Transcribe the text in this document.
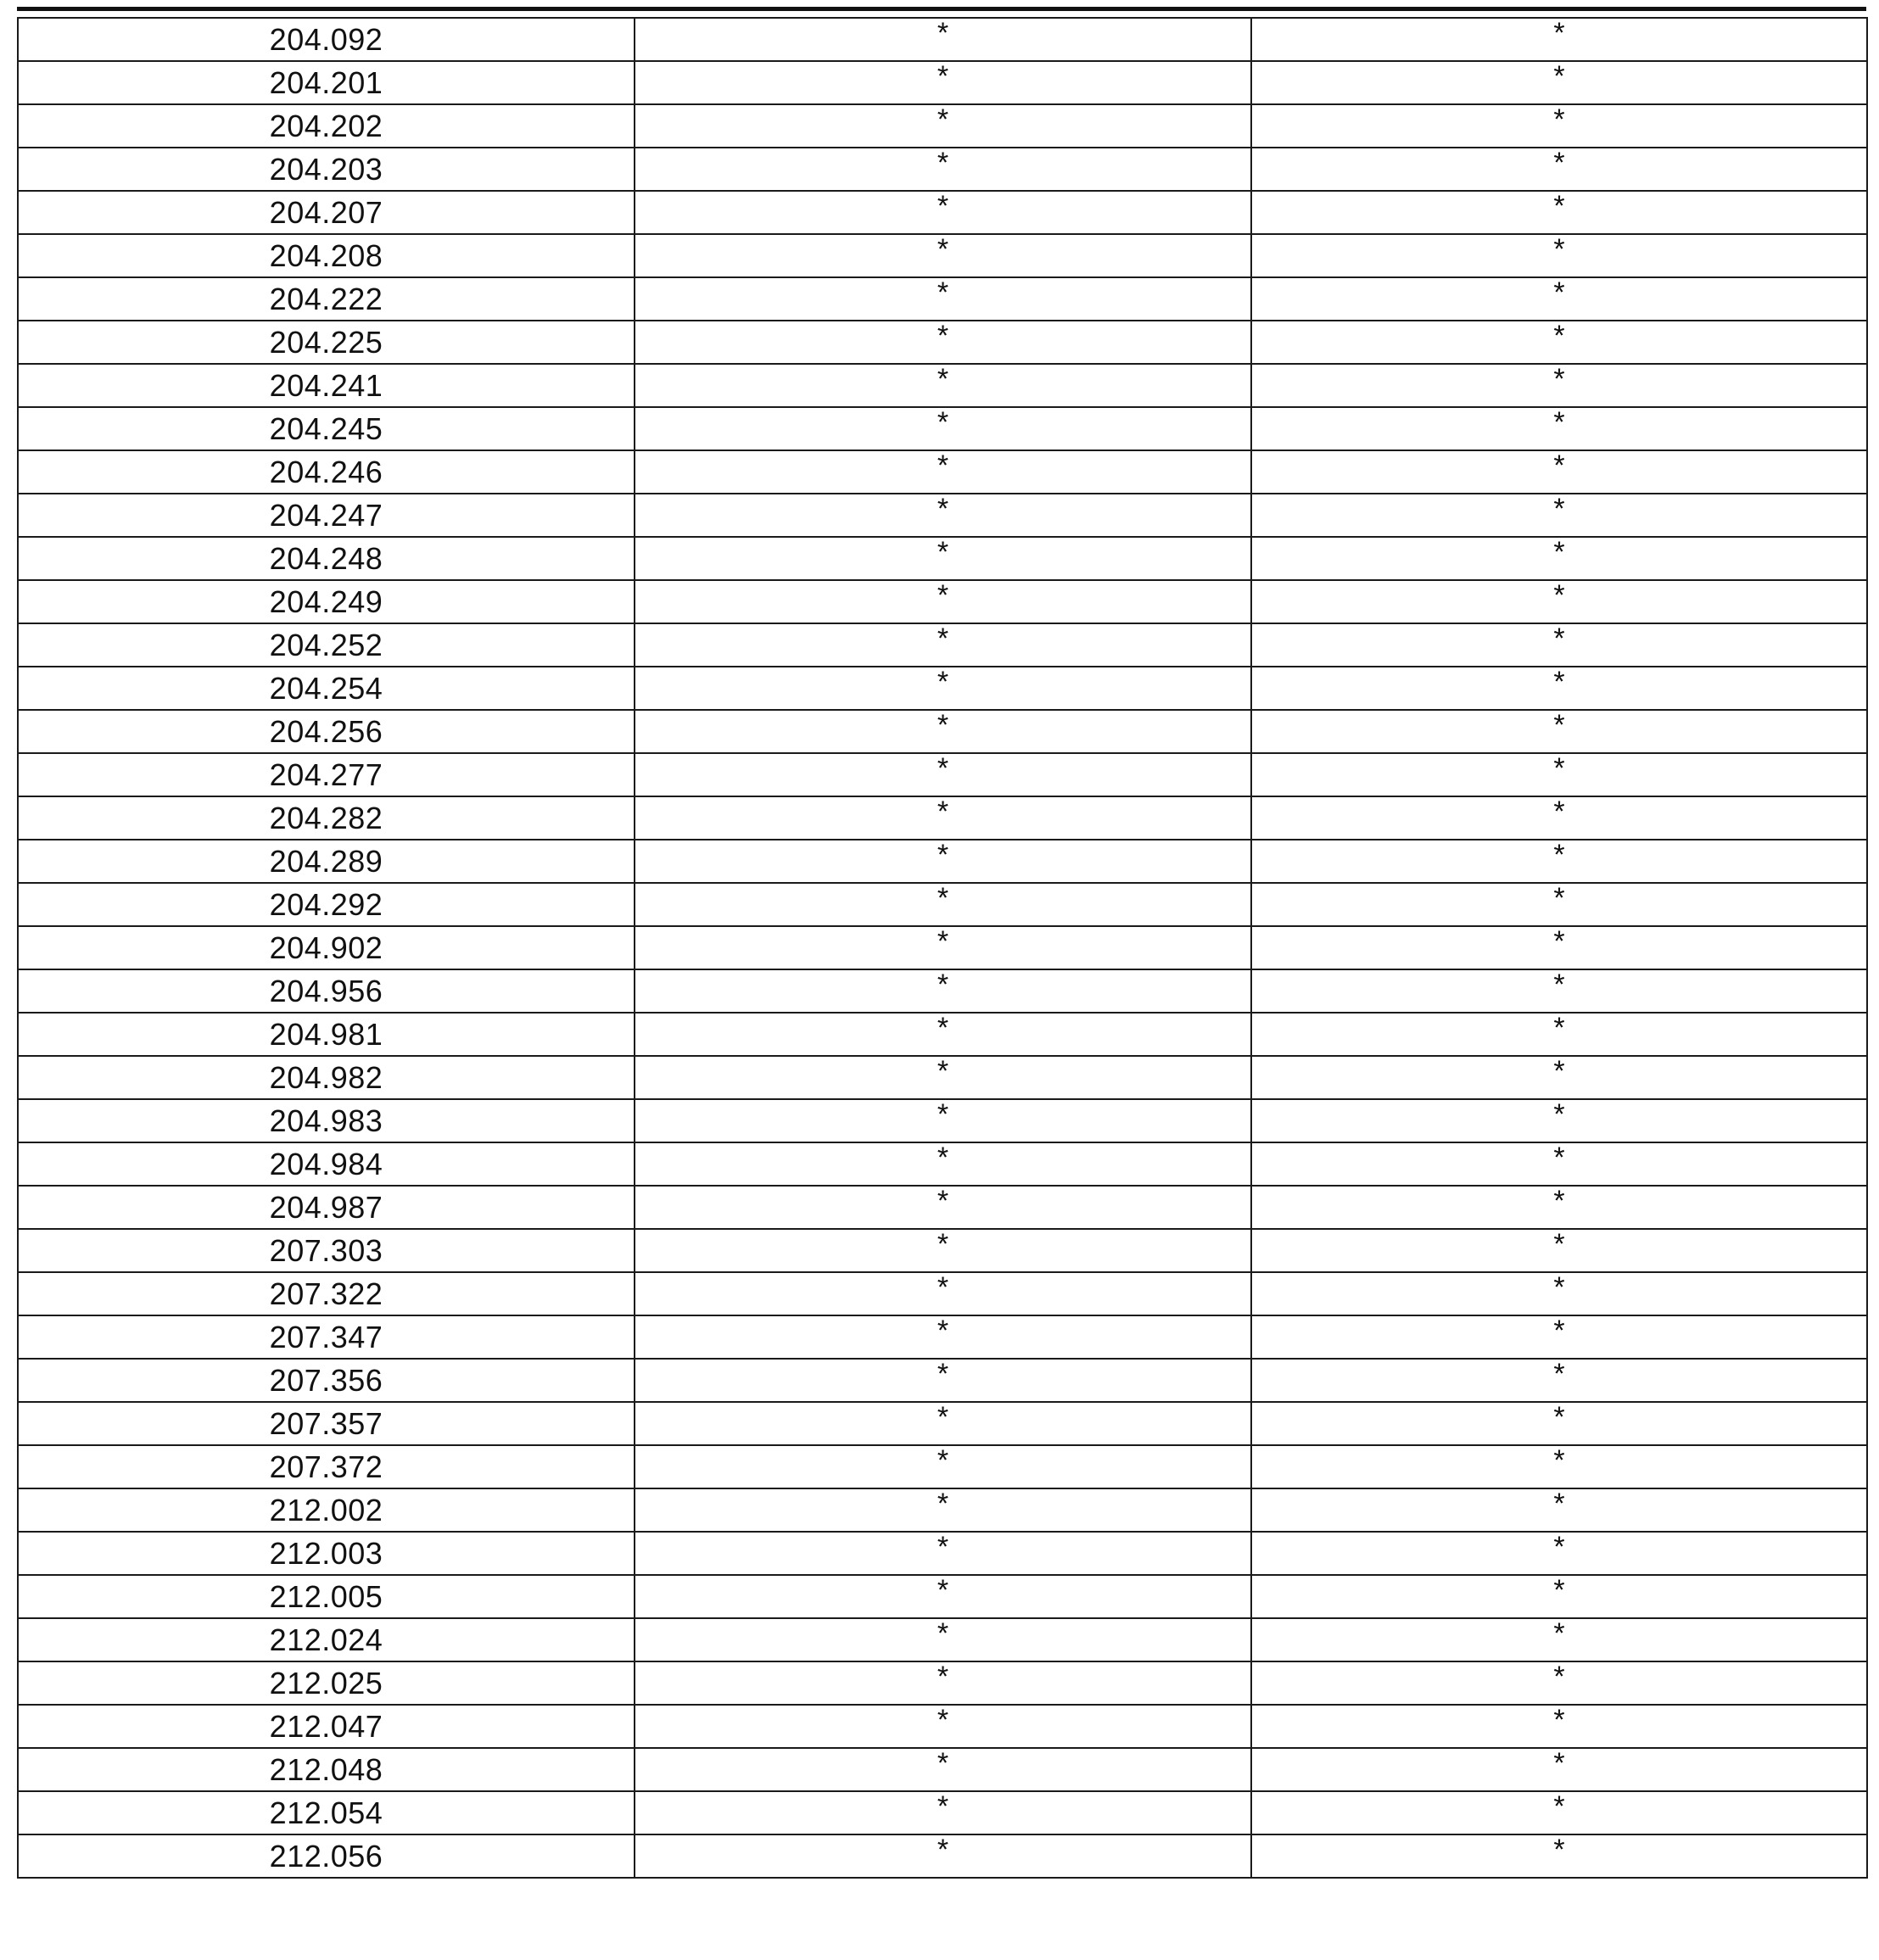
204.092	*	*
204.201	*	*
204.202	*	*
204.203	*	*
204.207	*	*
204.208	*	*
204.222	*	*
204.225	*	*
204.241	*	*
204.245	*	*
204.246	*	*
204.247	*	*
204.248	*	*
204.249	*	*
204.252	*	*
204.254	*	*
204.256	*	*
204.277	*	*
204.282	*	*
204.289	*	*
204.292	*	*
204.902	*	*
204.956	*	*
204.981	*	*
204.982	*	*
204.983	*	*
204.984	*	*
204.987	*	*
207.303	*	*
207.322	*	*
207.347	*	*
207.356	*	*
207.357	*	*
207.372	*	*
212.002	*	*
212.003	*	*
212.005	*	*
212.024	*	*
212.025	*	*
212.047	*	*
212.048	*	*
212.054	*	*
212.056	*	*
